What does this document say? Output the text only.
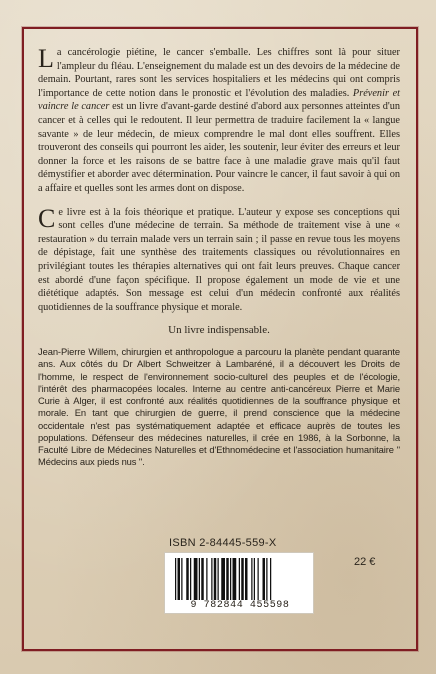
La cancérologie piétine, le cancer s'emballe. Les chiffres sont là pour situer l'ampleur du fléau. L'enseignement du malade est un des devoirs de la médecine de demain. Pourtant, rares sont les services hospitaliers et les médecins qui ont compris l'importance de cette notion dans le pronostic et l'évolution des maladies. Prévenir et vaincre le cancer est un livre d'avant-garde destiné d'abord aux personnes atteintes d'un cancer et à celles qui le redoutent. Il leur permettra de traduire facilement la « langue savante » de leur médecin, de mieux comprendre le mal dont elles souffrent. Elles trouveront des conseils qui pourront les aider, les soutenir, leur éviter des erreurs et leur donner la force et les raisons de se battre face à une maladie grave mais qu'il faut démystifier et aborder avec détermination. Pour vaincre le cancer, il faut savoir à qui on a affaire et quelles sont les armes dont on dispose.
Ce livre est à la fois théorique et pratique. L'auteur y expose ses conceptions qui sont celles d'une médecine de terrain. Sa méthode de traitement vise à une « restauration » du terrain malade vers un terrain sain ; il passe en revue tous les moyens de dépistage, fait une synthèse des traitements classiques ou révolutionnaires en privilégiant toutes les thérapies alternatives qui ont fait leurs preuves. Chaque cancer est abordé d'une façon spécifique. Il propose également un mode de vie et une diététique adaptés. Son message est celui d'un médecin confronté aux réalités quotidiennes de la souffrance physique et morale.
Un livre indispensable.
Jean-Pierre Willem, chirurgien et anthropologue a parcouru la planète pendant quarante ans. Aux côtés du Dr Albert Schweitzer à Lambaréné, il a découvert les Droits de l'homme, le respect de l'environnement socio-culturel des peuples et de l'écologie, l'intérêt des pharmacopées locales. Interne au centre anti-cancéreux Pierre et Marie Curie à Alger, il est confronté aux réalités quotidiennes de la souffrance physique et morale. En tant que chirurgien de guerre, il prend conscience que la médecine occidentale n'est pas systématiquement adaptée et efficace auprès de toutes les populations. Défenseur des médecines naturelles, il crée en 1986, à la Sorbonne, la Faculté Libre de Médecines Naturelles et d'Ethnomédecine et l'association humanitaire " Médecins aux pieds nus ".
ISBN 2-84445-559-X
22 €
9 782844 455598
